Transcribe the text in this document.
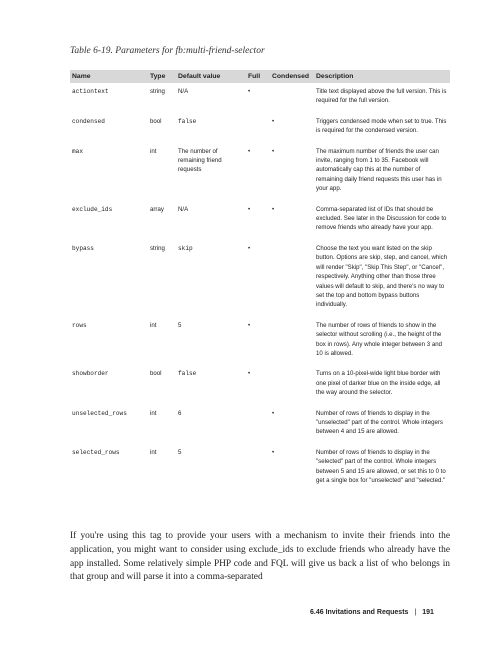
Table 6-19. Parameters for fb:multi-friend-selector
Name	Type	Default value	Full	Condensed	Description
actiontext	string	N/A	•		Title text displayed above the full version. This is required for the full version.
condensed	bool	false		•	Triggers condensed mode when set to true. This is required for the condensed version.
max	int	The number of remaining friend requests	•	•	The maximum number of friends the user can invite, ranging from 1 to 35. Facebook will automatically cap this at the number of remaining daily friend requests this user has in your app.
exclude_ids	array	N/A	•	•	Comma-separated list of IDs that should be excluded. See later in the Discussion for code to remove friends who already have your app.
bypass	string	skip	•		Choose the text you want listed on the skip button. Options are skip, step, and cancel, which will render "Skip", "Skip This Step", or "Cancel", respectively. Anything other than those three values will default to skip, and there's no way to set the top and bottom bypass buttons individually.
rows	int	5	•		The number of rows of friends to show in the selector without scrolling (i.e., the height of the box in rows). Any whole integer between 3 and 10 is allowed.
showborder	bool	false	•		Turns on a 10-pixel-wide light blue border with one pixel of darker blue on the inside edge, all the way around the selector.
unselected_rows	int	6		•	Number of rows of friends to display in the "unselected" part of the control. Whole integers between 4 and 15 are allowed.
selected_rows	int	5		•	Number of rows of friends to display in the "selected" part of the control. Whole integers between 5 and 15 are allowed, or set this to 0 to get a single box for "unselected" and "selected."
If you're using this tag to provide your users with a mechanism to invite their friends into the application, you might want to consider using exclude_ids to exclude friends who already have the app installed. Some relatively simple PHP code and FQL will give us back a list of who belongs in that group and will parse it into a comma-separated
6.46 Invitations and Requests | 191
